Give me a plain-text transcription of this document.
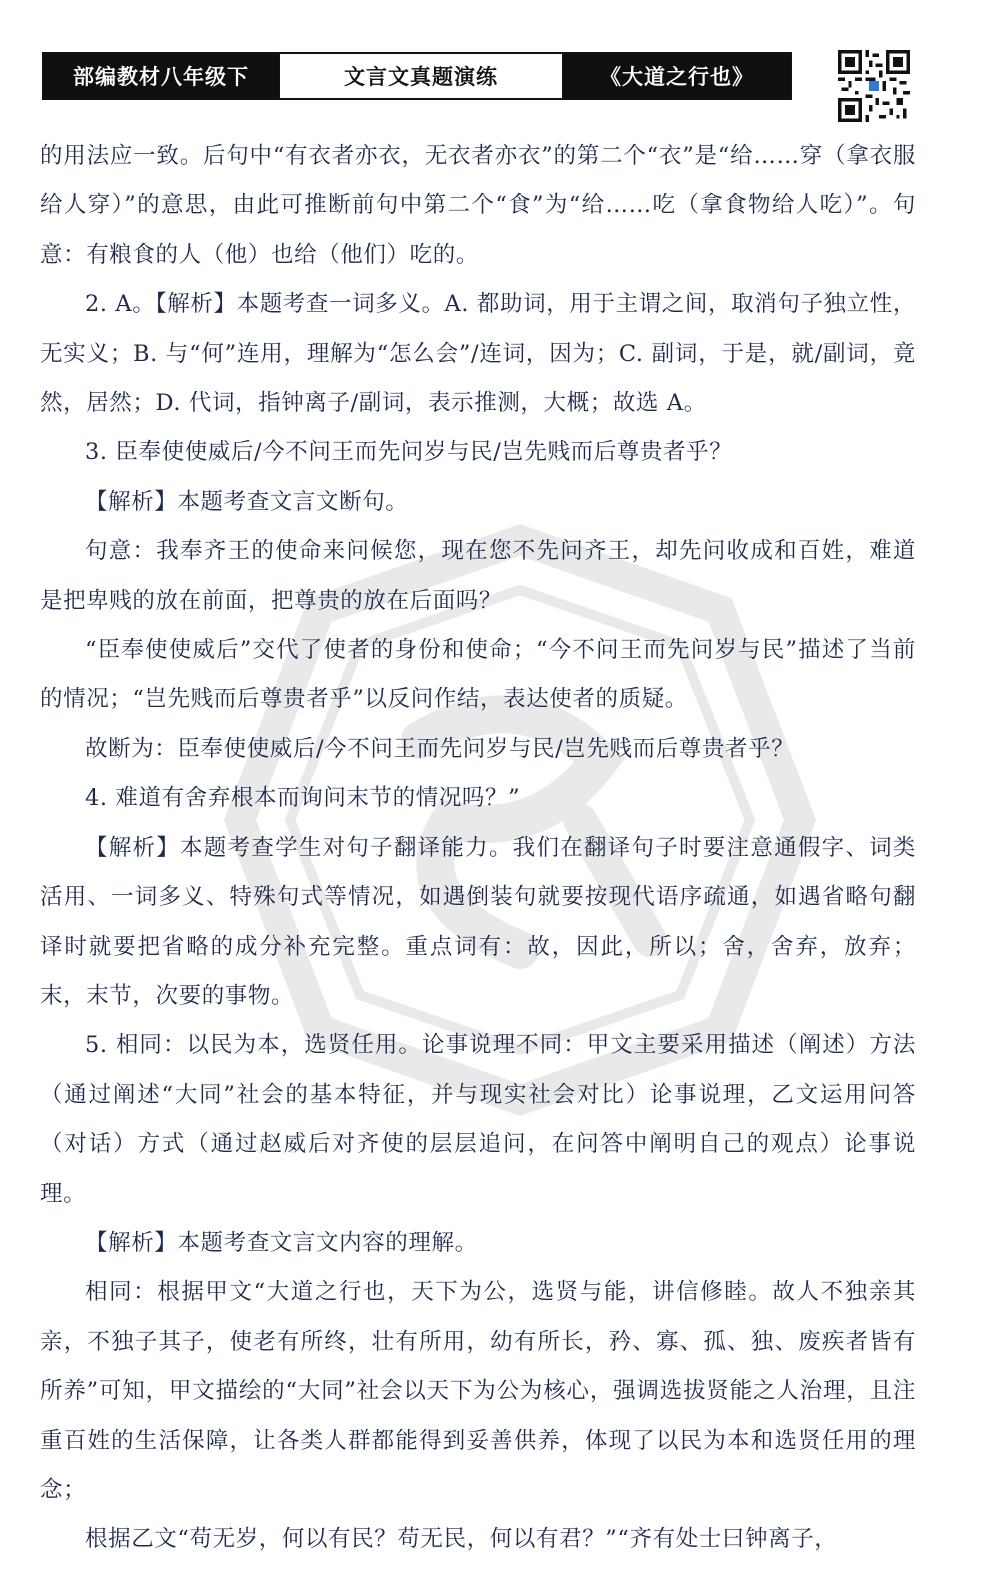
部编教材八年级下	文言文真题演练	《大道之行也》

的用法应一致。后句中“有衣者亦衣，无衣者亦衣”的第二个“衣”是“给……穿（拿衣服给人穿）”的意思，由此可推断前句中第二个“食”为“给……吃（拿食物给人吃）”。句意：有粮食的人（他）也给（他们）吃的。

2. A。【解析】本题考查一词多义。A. 都助词，用于主谓之间，取消句子独立性，无实义；B. 与“何”连用，理解为“怎么会”/连词，因为；C. 副词，于是，就/副词，竟然，居然；D. 代词，指钟离子/副词，表示推测，大概；故选 A。

3. 臣奉使使威后/今不问王而先问岁与民/岂先贱而后尊贵者乎？

【解析】本题考查文言文断句。

句意：我奉齐王的使命来问候您，现在您不先问齐王，却先问收成和百姓，难道是把卑贱的放在前面，把尊贵的放在后面吗？

“臣奉使使威后”交代了使者的身份和使命；“今不问王而先问岁与民”描述了当前的情况；“岂先贱而后尊贵者乎”以反问作结，表达使者的质疑。

故断为：臣奉使使威后/今不问王而先问岁与民/岂先贱而后尊贵者乎？

4. 难道有舍弃根本而询问末节的情况吗？”

【解析】本题考查学生对句子翻译能力。我们在翻译句子时要注意通假字、词类活用、一词多义、特殊句式等情况，如遇倒装句就要按现代语序疏通，如遇省略句翻译时就要把省略的成分补充完整。重点词有：故，因此，所以；舍，舍弃，放弃；末，末节，次要的事物。

5. 相同：以民为本，选贤任用。论事说理不同：甲文主要采用描述（阐述）方法（通过阐述“大同”社会的基本特征，并与现实社会对比）论事说理，乙文运用问答（对话）方式（通过赵威后对齐使的层层追问，在问答中阐明自己的观点）论事说理。

【解析】本题考查文言文内容的理解。

相同：根据甲文“大道之行也，天下为公，选贤与能，讲信修睦。故人不独亲其亲，不独子其子，使老有所终，壮有所用，幼有所长，矜、寡、孤、独、废疾者皆有所养”可知，甲文描绘的“大同”社会以天下为公为核心，强调选拔贤能之人治理，且注重百姓的生活保障，让各类人群都能得到妥善供养，体现了以民为本和选贤任用的理念；

根据乙文“苟无岁，何以有民？苟无民，何以有君？”“齐有处士曰钟离子，
